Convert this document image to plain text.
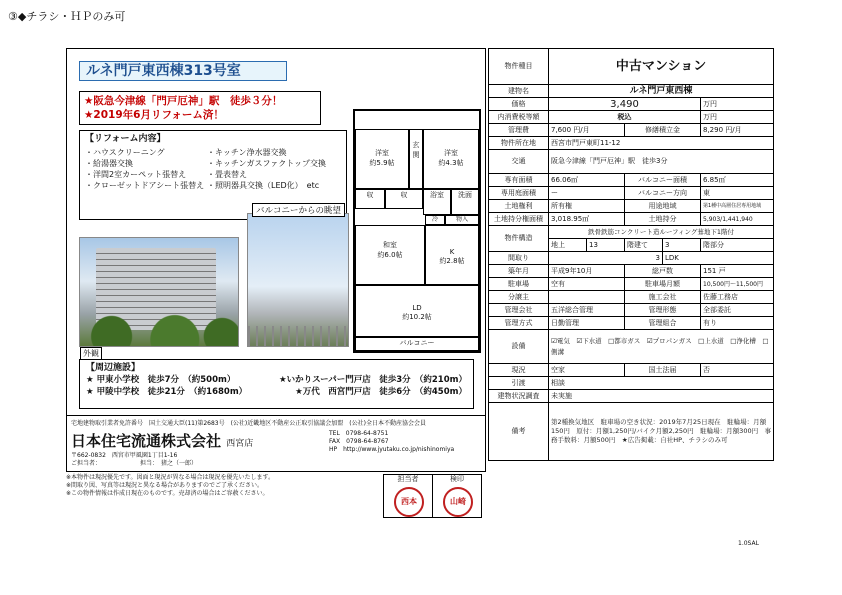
③◆チラシ・ＨＰのみ可
ルネ門戸東西棟313号室
★阪急今津線「門戸厄神」駅　徒歩３分！
★2019年6月リフォーム済！
【リフォーム内容】
・ハウスクリーニング	・キッチン浄水器交換
・給湯器交換	・キッチンガスファクトップ交換
・洋間2室カーペット張替え	・畳表替え
・クローゼットドアシート張替え ・照明器具交換（LED化）　etc
外観
バルコニーからの眺望
洋室
約5.9帖
洋室
約4.3帖
玄関
収	浴室	洗面
和室
約6.0帖	K
約2.8帖
収
冷	物入
LD
約10.2帖
バルコニー
【周辺施設】
★ 甲東小学校　徒歩7分　（約500m）	★いかりスーパー門戸店　徒歩3分　（約210m）
★ 甲陵中学校　徒歩21分　（約1680m）	★万代　西宮門戸店　徒歩6分　（約450m）
宅地建物取引業者免許番号　国土交通大臣(11)第2683号　(公社)近畿地区不動産公正取引協議会加盟　(公社)全日本不動産協会会員
日本住宅流通株式会社 西宮店
TEL　0798-64-8751
FAX　0798-64-8767
HP　http://www.jyutaku.co.jp/nishinomiya
〒662-0832　西宮市甲風園1丁目1-16
ご担当者：　　　　　　　担当：　猪之（一郎）
※本物件は現況優先です。図面と現況が異なる場合は現況を優先いたします。
※間取り図、写真等は現況と異なる場合がありますのでご了承ください。
※この物件情報は作成日現在のものです。売却済の場合はご容赦ください。
担当者
西本
検印
山崎
物件種目	中古マンション				
建物名	ルネ門戸東西棟				
価格	3,490				万円
内消費税等額	税込				万円
管理費	7,600 円/月		修繕積立金		8,290 円/月
物件所在地	西宮市門戸東町11-12				
交通	阪急今津線「門戸厄神」駅　徒歩3分				
専有面積	66.06㎡		バルコニー面積		6.85㎡
専用庭面積	ー		バルコニー方向		東
土地権利	所有権		用途地域		第1種中高層住居専用地域
土地持分権面積	3,018.95㎡		土地持分		5,903/1,441,940
物件構造	鉄骨鉄筋コンクリート造ルーフィング葺地下1階付				
	地上	13	階建て	3	階部分
間取り	3			LDK	
築年月	平成9年10月		総戸数		151 戸
駐車場	空有		駐車場月額		10,500円～11,500円
分譲主			施工会社		佐藤工務店
管理会社	五洋総合管理		管理形態		全部委託
管理方式	日勤管理		管理組合		有り
設備	☑電気　☑下水道　□都市ガス　☑プロパンガス　□上水道　□浄化槽　□側溝				
現況	空家		国土法届		否
引渡	相談				
建物状況調査	未実施				
備考	第2種換気地区　駐車場の空き状況：2019年7月25日現在　駐輪場：月額150円　原付：月額1,250円/バイク月額2,250円　駐輪場：月額300円　事務手数料：月額500円　★広告掲載：自社HP、チラシのみ可				
1.0SAL
